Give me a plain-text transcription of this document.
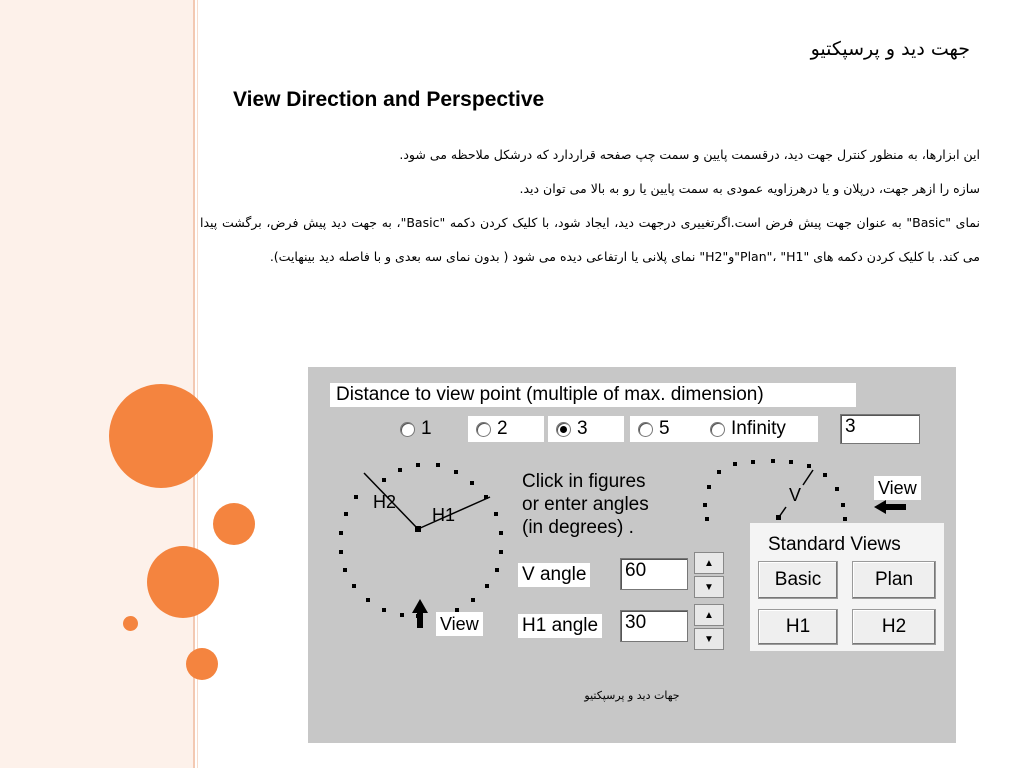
جهت دید و پرسپکتیو
View Direction and Perspective

این ابزارها، به منظور کنترل جهت دید، درقسمت پایین و سمت چپ صفحه قراردارد که درشکل ملاحظه می شود.

سازه را ازهر جهت، درپلان و یا درهرزاویه عمودی به سمت پایین یا رو به بالا می توان دید.

نمای "Basic" به عنوان جهت پیش فرض است.اگرتغییری درجهت دید، ایجاد شود، با کلیک کردن دکمه "Basic"، به جهت دید پیش فرض، برگشت پیدا می کند. با کلیک کردن دکمه های "Plan"، "H1"و"H2" نمای پلانی یا ارتفاعی دیده می شود ( بدون نمای سه بعدی و با فاصله دید بینهایت).

Distance to view point (multiple of max. dimension)
1	2	3	5	Infinity	3
H2
H1
View
Click in figures
or enter angles
(in degrees) .
V angle 60	▲
▼
H1 angle 30	▲
▼
V	View
Standard Views
Basic	Plan
H1	H2
جهات دید و پرسپکتیو
